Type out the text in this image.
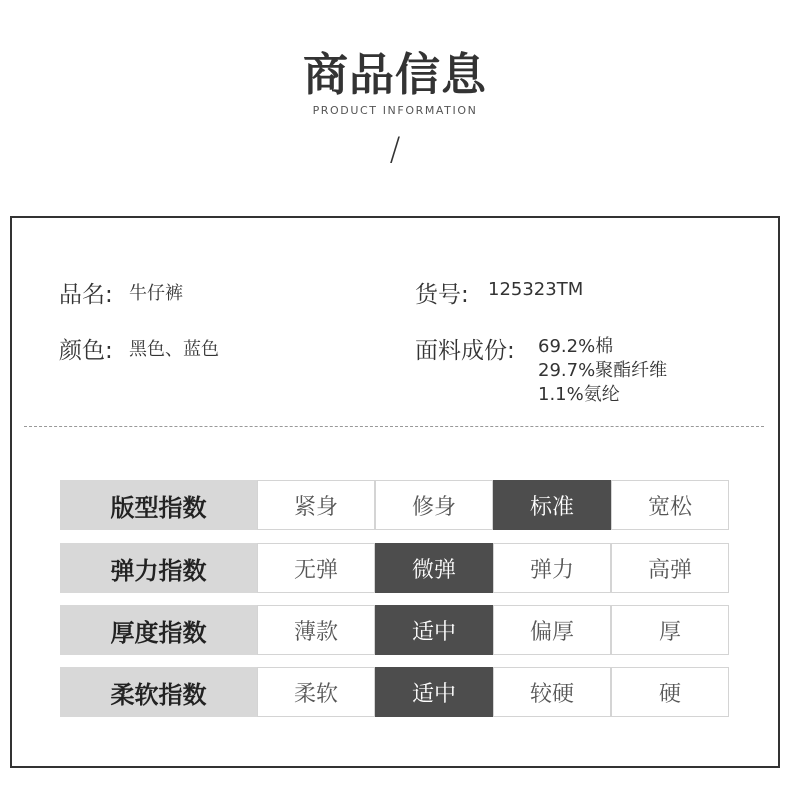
商品信息
PRODUCT INFORMATION
/
品名: 牛仔裤	货号: 125323TM
颜色: 黑色、蓝色	面料成份: 69.2%棉
29.7%聚酯纤维
1.1%氨纶
版型指数	紧身	修身	标准	宽松
弹力指数	无弹	微弹	弹力	高弹
厚度指数	薄款	适中	偏厚	厚
柔软指数	柔软	适中	较硬	硬
